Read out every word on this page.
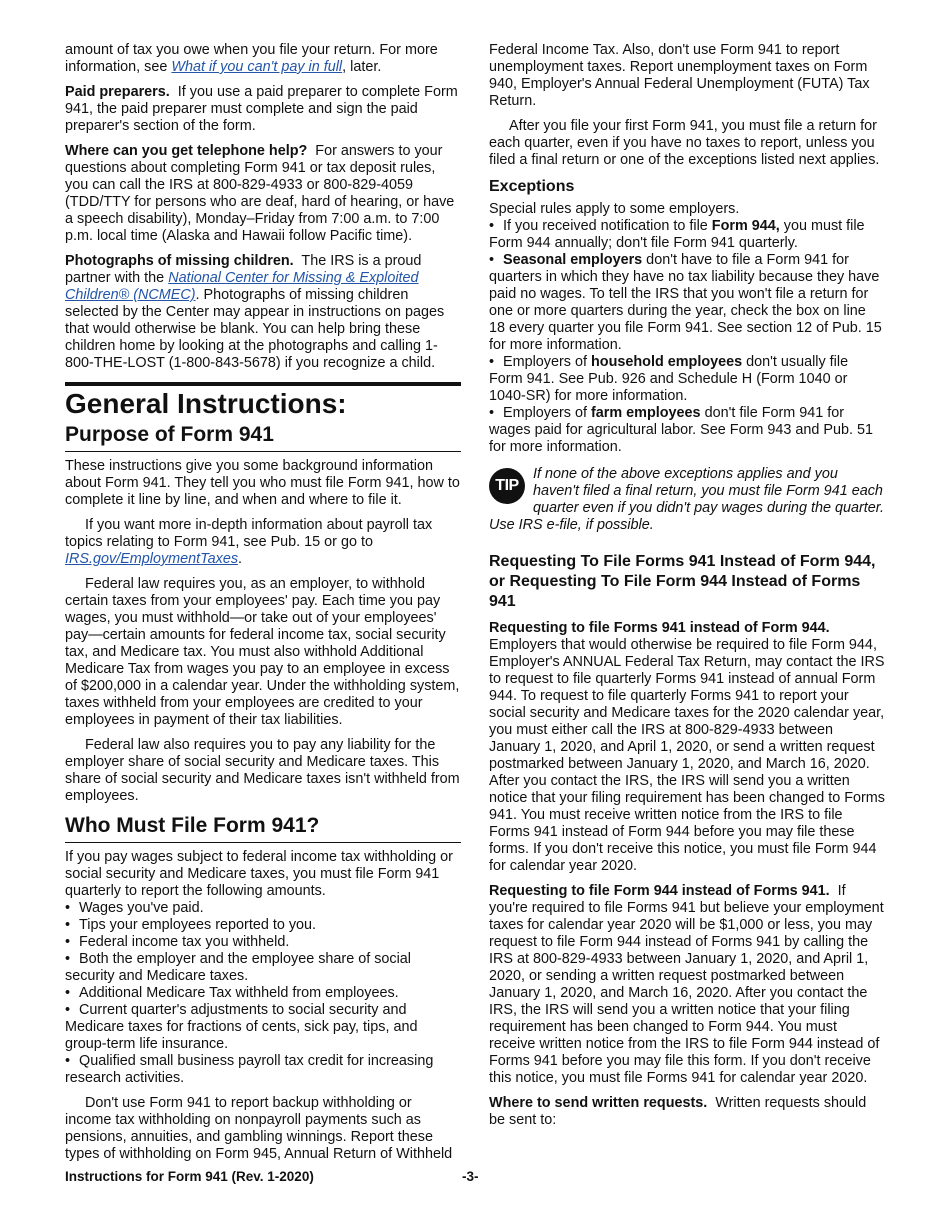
amount of tax you owe when you file your return. For more information, see What if you can't pay in full, later.

Paid preparers. If you use a paid preparer to complete Form 941, the paid preparer must complete and sign the paid preparer's section of the form.

Where can you get telephone help? For answers to your questions about completing Form 941 or tax deposit rules, you can call the IRS at 800-829-4933 or 800-829-4059 (TDD/TTY for persons who are deaf, hard of hearing, or have a speech disability), Monday–Friday from 7:00 a.m. to 7:00 p.m. local time (Alaska and Hawaii follow Pacific time).

Photographs of missing children. The IRS is a proud partner with the National Center for Missing & Exploited Children® (NCMEC). Photographs of missing children selected by the Center may appear in instructions on pages that would otherwise be blank. You can help bring these children home by looking at the photographs and calling 1-800-THE-LOST (1-800-843-5678) if you recognize a child.

General Instructions:
Purpose of Form 941

These instructions give you some background information about Form 941. They tell you who must file Form 941, how to complete it line by line, and when and where to file it.

If you want more in-depth information about payroll tax topics relating to Form 941, see Pub. 15 or go to IRS.gov/EmploymentTaxes.

Federal law requires you, as an employer, to withhold certain taxes from your employees' pay. Each time you pay wages, you must withhold—or take out of your employees' pay—certain amounts for federal income tax, social security tax, and Medicare tax. You must also withhold Additional Medicare Tax from wages you pay to an employee in excess of $200,000 in a calendar year. Under the withholding system, taxes withheld from your employees are credited to your employees in payment of their tax liabilities.

Federal law also requires you to pay any liability for the employer share of social security and Medicare taxes. This share of social security and Medicare taxes isn't withheld from employees.

Who Must File Form 941?

If you pay wages subject to federal income tax withholding or social security and Medicare taxes, you must file Form 941 quarterly to report the following amounts.

• Wages you've paid.
• Tips your employees reported to you.
• Federal income tax you withheld.
• Both the employer and the employee share of social security and Medicare taxes.
• Additional Medicare Tax withheld from employees.
• Current quarter's adjustments to social security and Medicare taxes for fractions of cents, sick pay, tips, and group-term life insurance.
• Qualified small business payroll tax credit for increasing research activities.

Don't use Form 941 to report backup withholding or income tax withholding on nonpayroll payments such as pensions, annuities, and gambling winnings. Report these types of withholding on Form 945, Annual Return of Withheld

Federal Income Tax. Also, don't use Form 941 to report unemployment taxes. Report unemployment taxes on Form 940, Employer's Annual Federal Unemployment (FUTA) Tax Return.

After you file your first Form 941, you must file a return for each quarter, even if you have no taxes to report, unless you filed a final return or one of the exceptions listed next applies.

Exceptions
Special rules apply to some employers.
• If you received notification to file Form 944, you must file Form 944 annually; don't file Form 941 quarterly.
• Seasonal employers don't have to file a Form 941 for quarters in which they have no tax liability because they have paid no wages. To tell the IRS that you won't file a return for one or more quarters during the year, check the box on line 18 every quarter you file Form 941. See section 12 of Pub. 15 for more information.
• Employers of household employees don't usually file Form 941. See Pub. 926 and Schedule H (Form 1040 or 1040-SR) for more information.
• Employers of farm employees don't file Form 941 for wages paid for agricultural labor. See Form 943 and Pub. 51 for more information.
TIP
If none of the above exceptions applies and you haven't filed a final return, you must file Form 941 each quarter even if you didn't pay wages during the quarter. Use IRS e-file, if possible.
Requesting To File Forms 941 Instead of Form 944, or Requesting To File Form 944 Instead of Forms 941

Requesting to file Forms 941 instead of Form 944. Employers that would otherwise be required to file Form 944, Employer's ANNUAL Federal Tax Return, may contact the IRS to request to file quarterly Forms 941 instead of annual Form 944. To request to file quarterly Forms 941 to report your social security and Medicare taxes for the 2020 calendar year, you must either call the IRS at 800-829-4933 between January 1, 2020, and April 1, 2020, or send a written request postmarked between January 1, 2020, and March 16, 2020. After you contact the IRS, the IRS will send you a written notice that your filing requirement has been changed to Forms 941. You must receive written notice from the IRS to file Forms 941 instead of Form 944 before you may file these forms. If you don't receive this notice, you must file Form 944 for calendar year 2020.

Requesting to file Form 944 instead of Forms 941. If you're required to file Forms 941 but believe your employment taxes for calendar year 2020 will be $1,000 or less, you may request to file Form 944 instead of Forms 941 by calling the IRS at 800-829-4933 between January 1, 2020, and April 1, 2020, or sending a written request postmarked between January 1, 2020, and March 16, 2020. After you contact the IRS, the IRS will send you a written notice that your filing requirement has been changed to Form 944. You must receive written notice from the IRS to file Form 944 instead of Forms 941 before you may file this form. If you don't receive this notice, you must file Forms 941 for calendar year 2020.

Where to send written requests. Written requests should be sent to:

Instructions for Form 941 (Rev. 1-2020)	-3-
